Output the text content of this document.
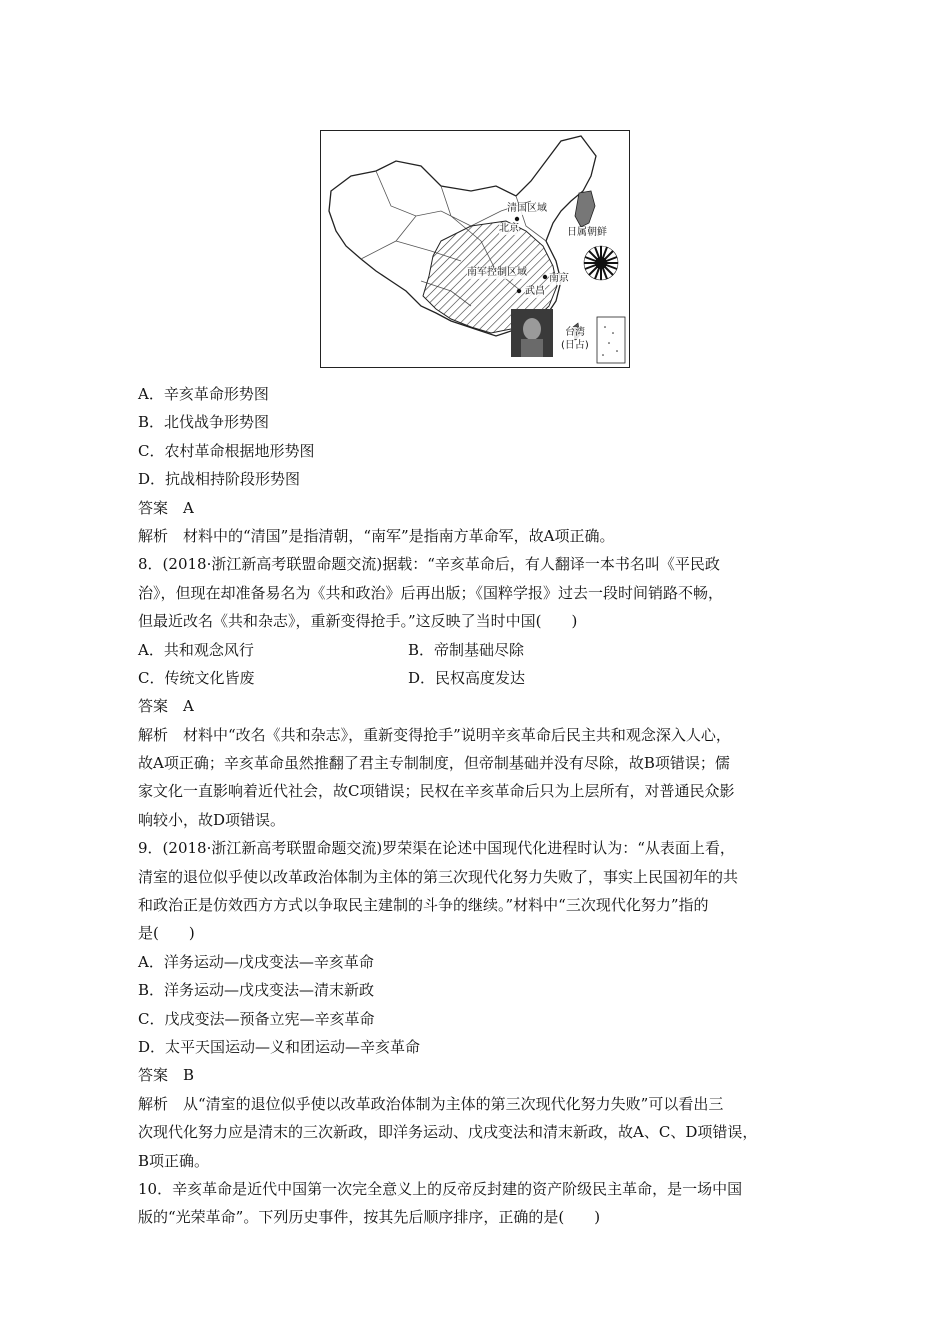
清国区域
北京	日属朝鲜
南军控制区域
南京
武昌
台湾
(日占)
A．辛亥革命形势图
B．北伐战争形势图
C．农村革命根据地形势图
D．抗战相持阶段形势图
答案　A
解析　材料中的“清国”是指清朝，“南军”是指南方革命军，故A项正确。
8．(2018·浙江新高考联盟命题交流)据载：“辛亥革命后，有人翻译一本书名叫《平民政
治》，但现在却准备易名为《共和政治》后再出版；《国粹学报》过去一段时间销路不畅，
但最近改名《共和杂志》，重新变得抢手。”这反映了当时中国(　　)
A．共和观念风行	B．帝制基础尽除
C．传统文化皆废	D．民权高度发达
答案　A
解析　材料中“改名《共和杂志》，重新变得抢手”说明辛亥革命后民主共和观念深入人心，
故A项正确；辛亥革命虽然推翻了君主专制制度，但帝制基础并没有尽除，故B项错误；儒
家文化一直影响着近代社会，故C项错误；民权在辛亥革命后只为上层所有，对普通民众影
响较小，故D项错误。
9．(2018·浙江新高考联盟命题交流)罗荣渠在论述中国现代化进程时认为：“从表面上看，
清室的退位似乎使以改革政治体制为主体的第三次现代化努力失败了，事实上民国初年的共
和政治正是仿效西方方式以争取民主建制的斗争的继续。”材料中“三次现代化努力”指的
是(　　)
A．洋务运动—戊戌变法—辛亥革命
B．洋务运动—戊戌变法—清末新政
C．戊戌变法—预备立宪—辛亥革命
D．太平天国运动—义和团运动—辛亥革命
答案　B
解析　从“清室的退位似乎使以改革政治体制为主体的第三次现代化努力失败”可以看出三
次现代化努力应是清末的三次新政，即洋务运动、戊戌变法和清末新政，故A、C、D项错误，
B项正确。
10．辛亥革命是近代中国第一次完全意义上的反帝反封建的资产阶级民主革命，是一场中国
版的“光荣革命”。下列历史事件，按其先后顺序排序，正确的是(　　)
